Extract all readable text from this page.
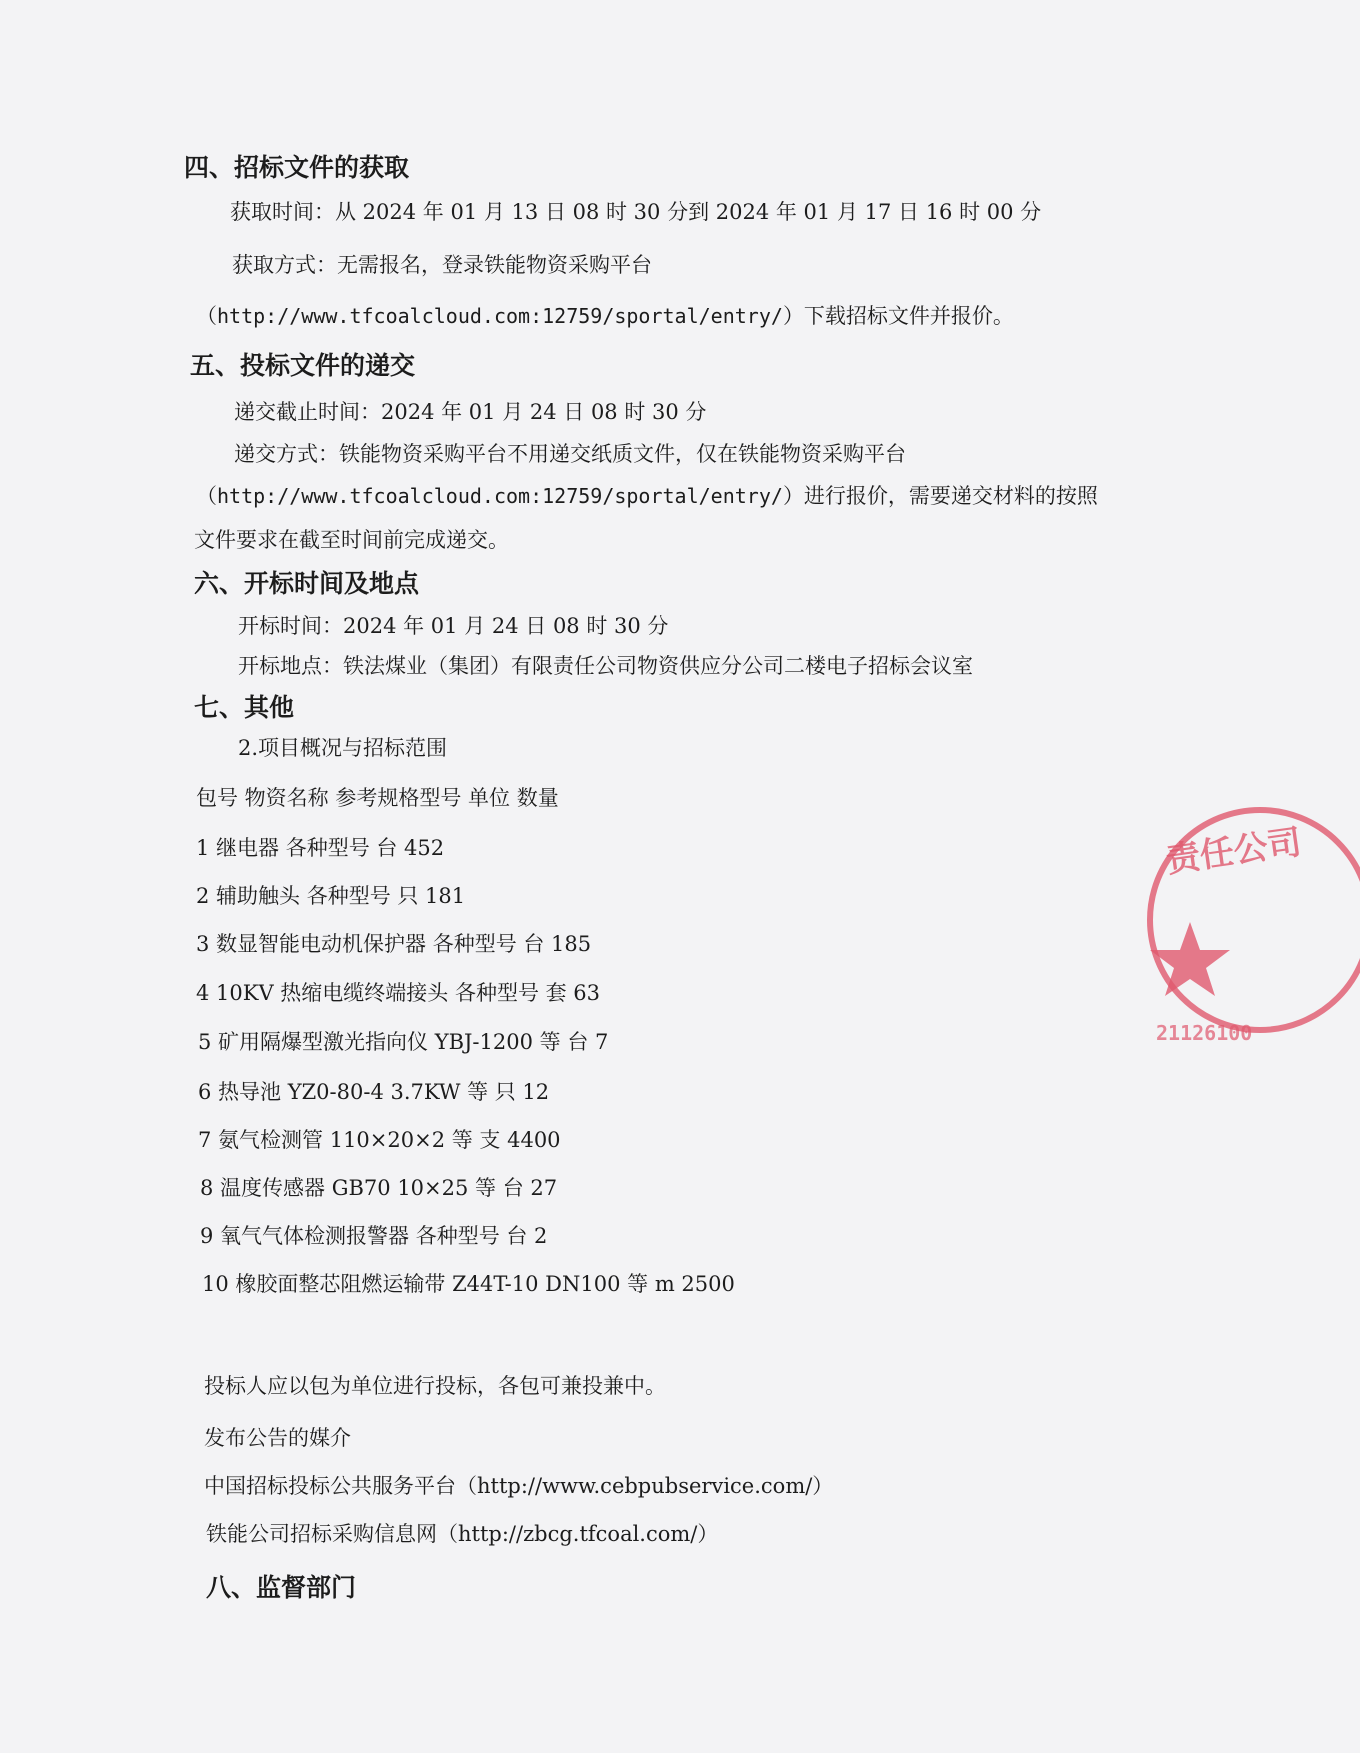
四、招标文件的获取
获取时间：从 2024 年 01 月 13 日 08 时 30 分到 2024 年 01 月 17 日 16 时 00 分
获取方式：无需报名，登录铁能物资采购平台
（http://www.tfcoalcloud.com:12759/sportal/entry/）下载招标文件并报价。
五、投标文件的递交
递交截止时间：2024 年 01 月 24 日 08 时 30 分
递交方式：铁能物资采购平台不用递交纸质文件，仅在铁能物资采购平台
（http://www.tfcoalcloud.com:12759/sportal/entry/）进行报价，需要递交材料的按照
文件要求在截至时间前完成递交。
六、开标时间及地点
开标时间：2024 年 01 月 24 日 08 时 30 分
开标地点：铁法煤业（集团）有限责任公司物资供应分公司二楼电子招标会议室
七、其他
2.项目概况与招标范围
包号 物资名称 参考规格型号 单位 数量
1 继电器 各种型号 台 452
2 辅助触头 各种型号 只 181
3 数显智能电动机保护器 各种型号 台 185
4 10KV 热缩电缆终端接头 各种型号 套 63
5 矿用隔爆型激光指向仪 YBJ-1200 等 台 7
6 热导池 YZ0-80-4 3.7KW 等 只 12
7 氨气检测管 110×20×2 等 支 4400
8 温度传感器 GB70 10×25 等 台 27
9 氧气气体检测报警器 各种型号 台 2
10 橡胶面整芯阻燃运输带 Z44T-10 DN100 等 m 2500
投标人应以包为单位进行投标，各包可兼投兼中。
发布公告的媒介
中国招标投标公共服务平台（http://www.cebpubservice.com/）
铁能公司招标采购信息网（http://zbcg.tfcoal.com/）
八、监督部门
责任公司
21126100
